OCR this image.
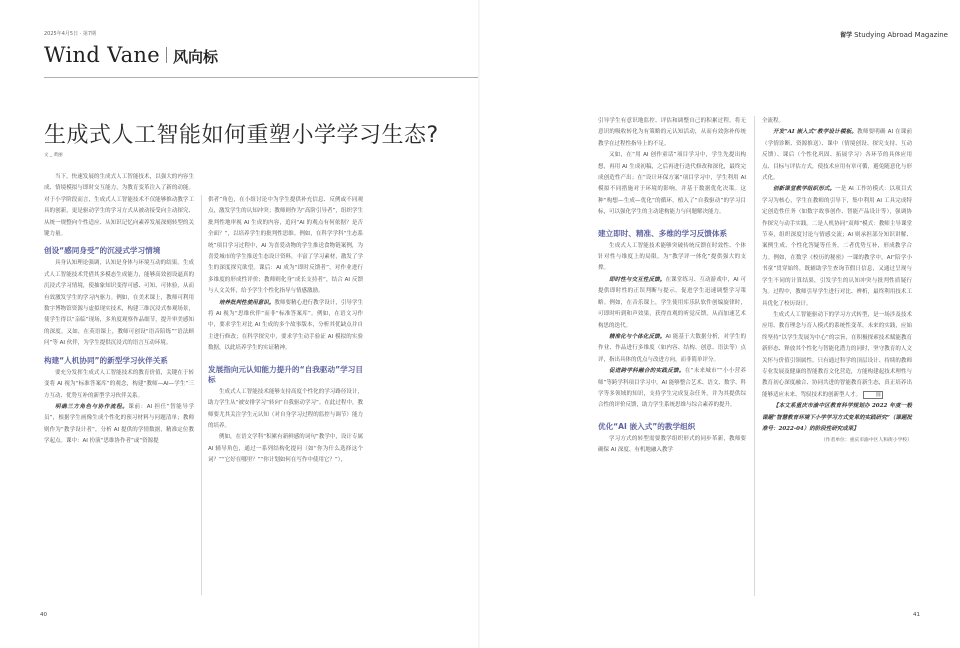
2025年4月5日 · 第7期
Wind Vane 风向标
生成式人工智能如何重塑小学学习生态?
文 _ 黄丽

当下，快速发展的生成式人工智能技术，以强大的内容生成、情境模拟与即时交互能力，为教育变革注入了新的动能。对于小学阶段而言，生成式人工智能技术不仅能够推动教学工具的创新，更是驱动学生的学习方式从被动接受向主动探究、从统一规整向个性适应、从知识记忆向素养发展深刻转型的关键力量。

创设“感同身受”的沉浸式学习情境

具身认知理论强调，认知是身体与环境互动的结果。生成式人工智能技术凭借其多模态生成能力，能够高效创设逼真的沉浸式学习情境，使抽象知识变得可感、可知、可体验，从而有效激发学生的学习内驱力。例如，在美术课上，教师可利用数字博物馆资源与虚拟现实技术，构建三维沉浸式参观场景，使学生得以“亲临”现场，多角度观察作品细节，提升审美感知的深度。又如，在英语课上，教师可创设“语音陪练”“语法顾问”等 AI 伙伴，为学生提供沉浸式的语言互动环境。

构建“人机协同”的新型学习伙伴关系

要充分发挥生成式人工智能技术的教育价值，关键在于转变将 AI 视为“标准答案库”的观念，构建“教师—AI—学生”三方互动、优势互补的新型学习伙伴关系。

明确三方角色与协作流程。课前：AI 担任“智能导学员”，根据学生画像生成个性化的预习材料与问题清单；教师则作为“教学设计者”，分析 AI 提供的学情数据，精准定位教学起点。课中：AI 扮演“思维协作者”或“资源提

供者”角色，在小组讨论中为学生提供补充信息、反例或不同观点，激发学生的认知冲突；教师则作为“高阶引导者”，组织学生批判性地审视 AI 生成的内容，追问“AI 的观点有何依据？是否全面？”，以培养学生的批判性思维。例如，在科学学科“生态系统”项目学习过程中，AI 为喜爱动物的学生推送食物链案例，为喜爱城市的学生推送生态设计资料，丰富了学习素材，激发了学生的深度探究欲望。课后：AI 成为“即时反馈者”，对作业进行多维度的形成性评价；教师则化身“成长支持者”，结合 AI 反馈与人文关怀，给予学生个性化指导与情感激励。

培养批判性使用意识。教师要精心进行教学设计，引导学生将 AI 视为“思维伙伴”而非“标准答案库”。例如，在语文习作中，要求学生对比 AI 生成的多个故事版本，分析其优缺点并自主进行修改；在科学探究中，要求学生动手验证 AI 模拟的实验数据，以此培养学生的实证精神。

发展指向元认知能力提升的“自我驱动”学习目标

生成式人工智能技术能够支持高度个性化的学习路径设计，助力学生从“被安排学习”转向“自我驱动学习”。在此过程中，教师要尤其关注学生元认知（对自身学习过程的监控与调节）能力的培养。

例如，在语文学科“积累有新鲜感的词句”教学中，设计专属 AI 辅导角色，通过一系列结构化提问（如“你为什么选择这个词？”“它好在哪里？”“你计划如何在写作中使用它？”），

40
留学 Studying Abroad Magazine

引导学生有意识地监控、评估和调整自己的积累过程，将无意识的吸收转化为有策略的元认知活动，从而有效弥补传统教学在过程性指导上的不足。

又如，在“用 AI 创作童话”项目学习中，学生先提出构想，再用 AI 生成初稿，之后再进行迭代修改和深化，最终完成创造性产出；在“设计环保方案”项目学习中，学生利用 AI 模拟不同措施对于环境的影响，并基于数据优化决策。这种“构想—生成—优化”的循环，植入了“自我驱动”的学习目标，可以强化学生的主动建构能力与问题解决能力。

建立即时、精准、多维的学习反馈体系

生成式人工智能技术能够突破传统反馈在时效性、个体针对性与维度上的局限，为“教学评一体化”提供强大的支撑。

即时性与交互性反馈。在课堂练习、互动游戏中，AI 可提供即时性的正误判断与提示，促进学生迅速调整学习策略。例如，在音乐课上，学生使用库乐队软件创编旋律时，可即时听到和声效果，获得直观的听觉反馈，从而加速艺术构思的迭代。

精准化与个体化反馈。AI 能基于大数据分析，对学生的作业、作品进行多维度（如内容、结构、创意、语法等）点评，指出具体的优点与改进方向，而非简单评分。

促进跨学科融合的实践反馈。在“未来城市”“小小营养师”等跨学科项目学习中，AI 能够整合艺术、语文、数学、科学等多领域的知识，支持学生完成复杂任务，并为其提供综合性的评价反馈，助力学生系统思维与综合素养的提升。

优化“AI 嵌入式”的教学组织

学习方式的转型需要教学组织形式的同步革新，教师要确保 AI 深度、有机地融入教学

全流程。

开发“AI 嵌入式”教学设计模板。教师要明确 AI 在课前（学情诊断、资源推送）、课中（情境创设、探究支持、互动反馈）、课后（个性化巩固、拓展学习）各环节的具体应用点、目标与评估方式，使技术应用有章可循，避免随意化与形式化。

创新课堂教学组织形式。一是 AI 工作坊模式：以项目式学习为核心，学生在教师的引导下，集中利用 AI 工具完成特定创造性任务（如数字故事创作、智能产品设计等），强调协作探究与动手实践。二是人机协同“双师”模式：教师主导课堂节奏，组织深度讨论与情感交流；AI 则承担部分知识讲解、案例生成、个性化答疑等任务，二者优势互补，形成教学合力。例如，在数学《校历的秘密》一课的教学中，AI“陪学小书童”贯穿始终，既辅助学生查询节假日信息，又通过呈现与学生不同的计算结果，引发学生的认知冲突与批判性质疑行为。过程中，教师引导学生进行对比、辨析，最终利用技术工具优化了校历设计。

生成式人工智能驱动下的学习方式转型，是一场涉及技术应用、教育理念与育人模式的系统性变革。未来的实践，应始终坚持“以学生发展为中心”的宗旨，在积极探索技术赋能教育新形态、释放其个性化与智能化潜力的同时，坚守教育的人文关怀与价值引领属性。只有通过科学的顶层设计、持续的教师专业发展及健康的智能教育文化营造，方能构建起技术理性与教育初心深度融合、协同共进的智能教育新生态，真正培养出能够适应未来、驾驭技术的创新型人才。	圆

【本文系重庆市渝中区教育科学规划办 2022 年度一般课题“智慧教育环境下小学学习方式变革的实践研究”（课题批准号：2022-04）的阶段性研究成果】

（作者单位：重庆市渝中区人和街小学校）

41
